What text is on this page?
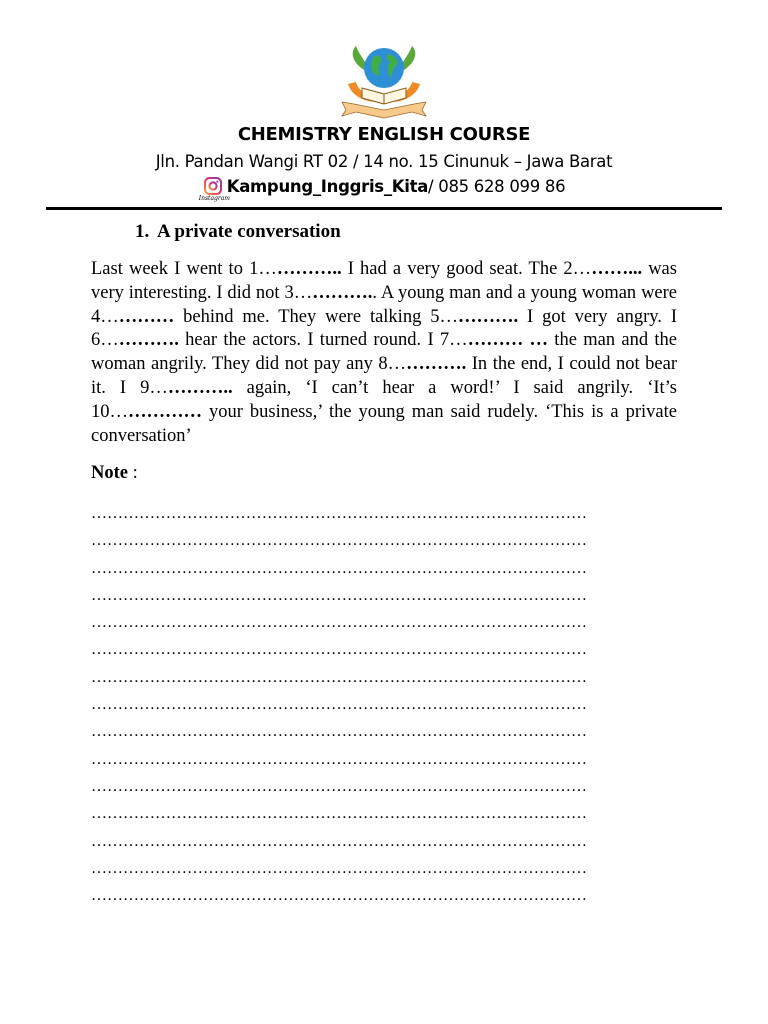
CHEMISTRY ENGLISH COURSE
Jln. Pandan Wangi RT 02 / 14 no. 15 Cinunuk – Jawa Barat
Instagram
Kampung_Inggris_Kita/ 085 628 099 86
1. A private conversation
Last week I went to 1………….. I had a very good seat. The 2………... was very interesting. I did not 3………….. A young man and a young woman were 4………… behind me. They were talking 5…………. I got very angry. I 6…………. hear the actors. I turned round. I 7………… … the man and the woman angrily. They did not pay any 8…………. In the end, I could not bear it. I 9………….. again, ‘I can’t hear a word!’ I said angrily. ‘It’s 10…………… your business,’ the young man said rudely. ‘This is a private conversation’
Note :
…………………………………………………………………………………
…………………………………………………………………………………
…………………………………………………………………………………
…………………………………………………………………………………
…………………………………………………………………………………
…………………………………………………………………………………
…………………………………………………………………………………
…………………………………………………………………………………
…………………………………………………………………………………
…………………………………………………………………………………
…………………………………………………………………………………
…………………………………………………………………………………
…………………………………………………………………………………
…………………………………………………………………………………
…………………………………………………………………………………
